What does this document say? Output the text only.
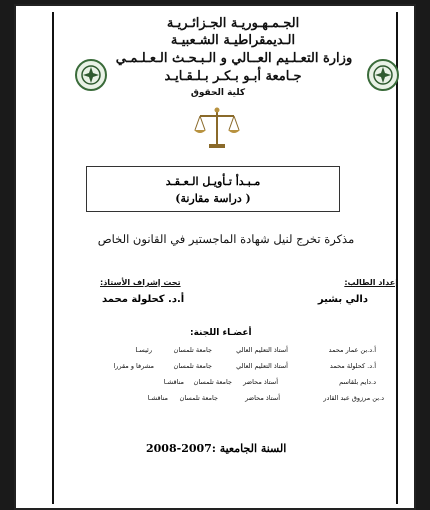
الجـمـهـوريـة الجـزائـريـة
الـديمقراطيـة الشـعبيـة
وزارة التعـلـيم العــالي و الـبـحـث الـعـلـمـي
جـامعة أبـو بـكـر بـلـقـايـد
كلية الحقوق
مـبـدأ تـأويـل الـعـقـد
( دراسة مقارنة)
مذكرة تخرج لنيل شهادة الماجستير في القانون الخاص
إعداد الطالب:
تحت إشراف الأستاذ:
دالي بشير
أ.د. كحلولة محمد
أعضـاء اللجنة:
أ.د.بن عمار محمد
أستاذ التعليم العالي
جامعة تلمسان
رئيسـا
أ.د. كحلولة محمد
أستاذ التعليم العالي
جامعة تلمسان
مشرفا و مقررا
د.دايم بلقاسم
أستاذ محاضر
جامعة تلمسان
مناقشـا
د.بن مرزوق عبد القادر
أستاذ محاضر
جامعة تلمسان
مناقشـا
السنة الجامعية :2007-2008
